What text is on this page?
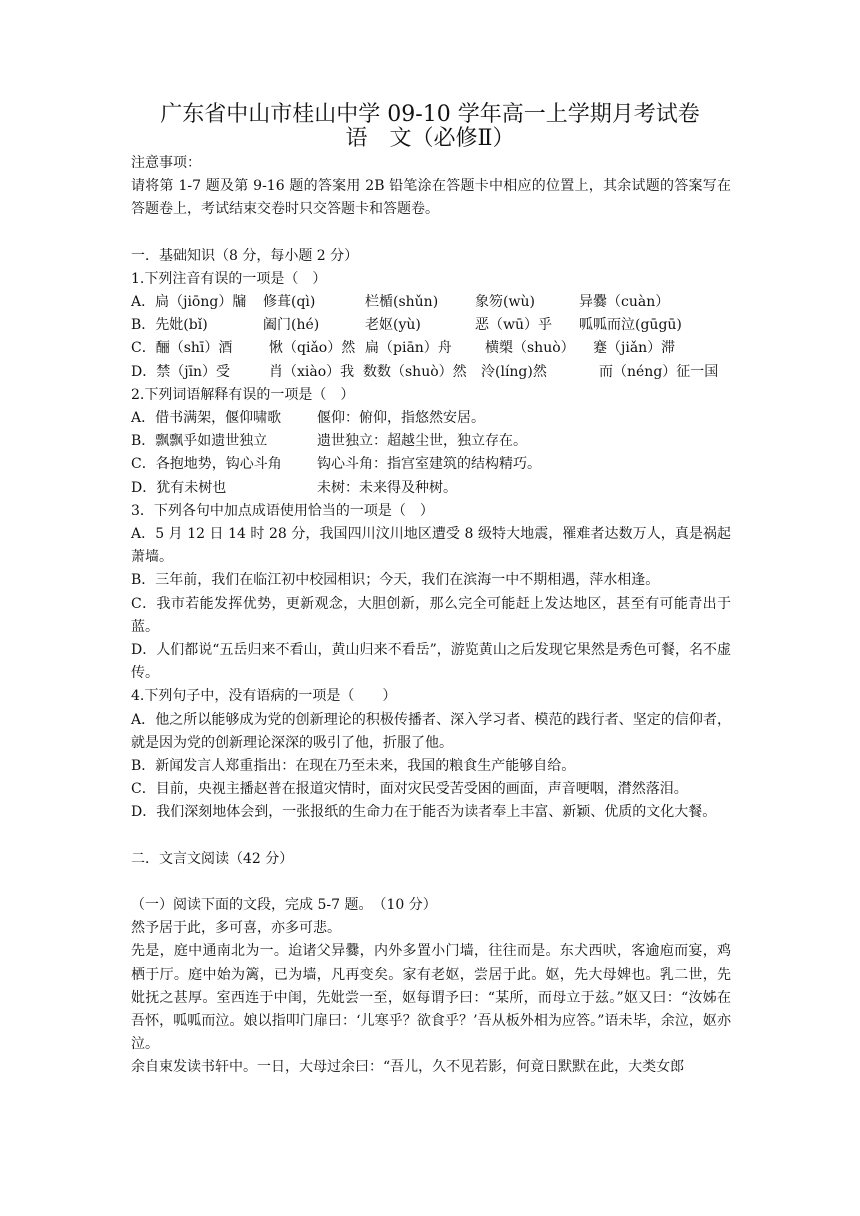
广东省中山市桂山中学 09-10 学年高一上学期月考试卷
语　文（必修Ⅱ）

注意事项：

请将第 1-7 题及第 9-16 题的答案用 2B 铅笔涂在答题卡中相应的位置上，其余试题的答案写在答题卷上，考试结束交卷时只交答题卡和答题卷。

一．基础知识（8 分，每小题 2 分）

1.下列注音有误的一项是（　）

A．扃（jiōng）牖 修葺(qì)	栏楯(shǔn)	象笏(wù)	异爨（cuàn）

B．先妣(bǐ)	阖门(hé)	老妪(yù)	恶（wū）乎 呱呱而泣(gūgū)

C．酾（shī）酒	愀（qiǎo）然 扁（piān）舟 横槊（shuò） 蹇（jiǎn）滞

D．禁（jīn）受	肖（xiào）我 数数（shuò）然 泠(líng)然	而（néng）征一国

2.下列词语解释有误的一项是（　）

A．借书满架，偃仰啸歌	偃仰：俯仰，指悠然安居。

B．飘飘乎如遗世独立	遗世独立：超越尘世，独立存在。

C．各抱地势，钩心斗角	钩心斗角：指宫室建筑的结构精巧。

D．犹有未树也	未树：未来得及种树。

3．下列各句中加点成语使用恰当的一项是（　）

A．5 月 12 日 14 时 28 分，我国四川汶川地区遭受 8 级特大地震，罹难者达数万人，真是祸起萧墙。

B．三年前，我们在临江初中校园相识；今天，我们在滨海一中不期相遇，萍水相逢。

C．我市若能发挥优势，更新观念，大胆创新，那么完全可能赶上发达地区，甚至有可能青出于蓝。

D．人们都说“五岳归来不看山，黄山归来不看岳”，游览黄山之后发现它果然是秀色可餐，名不虚传。

4.下列句子中，没有语病的一项是（　　）

A．他之所以能够成为党的创新理论的积极传播者、深入学习者、模范的践行者、坚定的信仰者，就是因为党的创新理论深深的吸引了他，折服了他。

B．新闻发言人郑重指出：在现在乃至未来，我国的粮食生产能够自给。

C．目前，央视主播赵普在报道灾情时，面对灾民受苦受困的画面，声音哽咽，潸然落泪。

D．我们深刻地体会到，一张报纸的生命力在于能否为读者奉上丰富、新颖、优质的文化大餐。

二．文言文阅读（42 分）

（一）阅读下面的文段，完成 5-7 题。　（10 分）

然予居于此，多可喜，亦多可悲。

先是，庭中通南北为一。迨诸父异爨，内外多置小门墙，往往而是。东犬西吠，客逾庖而宴，鸡栖于厅。庭中始为篱，已为墙，凡再变矣。家有老妪，尝居于此。妪，先大母婢也。乳二世，先妣抚之甚厚。室西连于中闺，先妣尝一至，妪每谓予曰：“某所，而母立于兹。”妪又曰：“汝姊在吾怀，呱呱而泣。娘以指叩门扉曰：‘儿寒乎？欲食乎？’吾从板外相为应答。”语未毕，余泣，妪亦泣。

余自束发读书轩中。一日，大母过余曰：“吾儿，久不见若影，何竟日默默在此，大类女郎
